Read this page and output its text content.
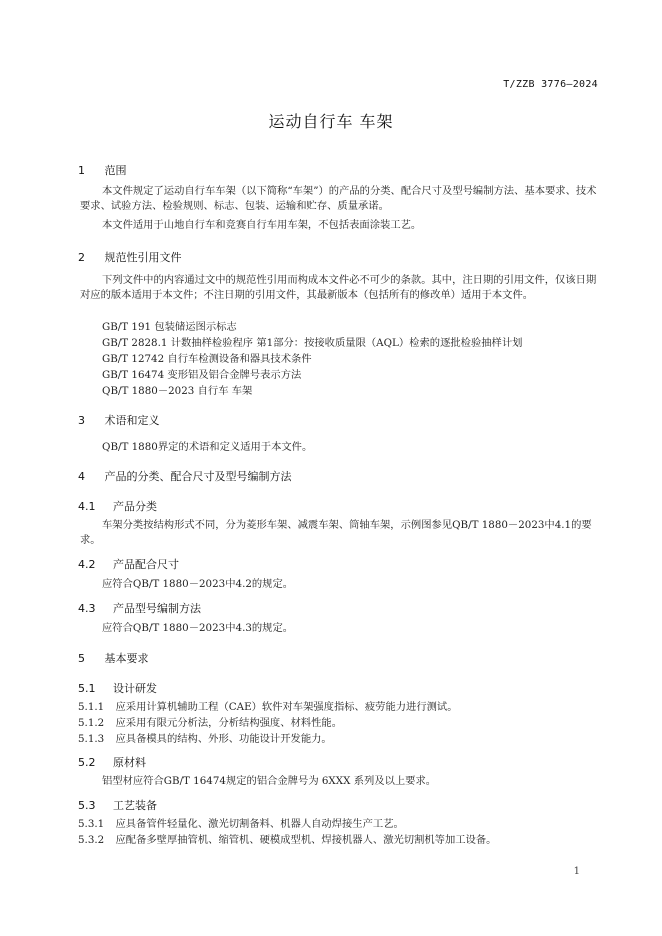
T/ZZB 3776—2024
运动自行车 车架
1 范围
本文件规定了运动自行车车架（以下简称“车架”）的产品的分类、配合尺寸及型号编制方法、基本要求、技术要求、试验方法、检验规则、标志、包装、运输和贮存、质量承诺。
本文件适用于山地自行车和竞赛自行车用车架，不包括表面涂装工艺。
2 规范性引用文件
下列文件中的内容通过文中的规范性引用而构成本文件必不可少的条款。其中，注日期的引用文件，仅该日期对应的版本适用于本文件；不注日期的引用文件，其最新版本（包括所有的修改单）适用于本文件。
GB/T 191 包装储运图示标志
GB/T 2828.1 计数抽样检验程序 第1部分：按接收质量限（AQL）检索的逐批检验抽样计划
GB/T 12742 自行车检测设备和器具技术条件
GB/T 16474 变形铝及铝合金牌号表示方法
QB/T 1880－2023 自行车 车架
3 术语和定义
QB/T 1880界定的术语和定义适用于本文件。
4 产品的分类、配合尺寸及型号编制方法
4.1 产品分类
车架分类按结构形式不同，分为菱形车架、减震车架、筒轴车架，示例图参见QB/T 1880－2023中4.1的要求。
4.2 产品配合尺寸
应符合QB/T 1880－2023中4.2的规定。
4.3 产品型号编制方法
应符合QB/T 1880－2023中4.3的规定。
5 基本要求
5.1 设计研发
5.1.1 应采用计算机辅助工程（CAE）软件对车架强度指标、疲劳能力进行测试。
5.1.2 应采用有限元分析法，分析结构强度、材料性能。
5.1.3 应具备模具的结构、外形、功能设计开发能力。
5.2 原材料
铝型材应符合GB/T 16474规定的铝合金牌号为 6XXX 系列及以上要求。
5.3 工艺装备
5.3.1 应具备管件轻量化、激光切割备料、机器人自动焊接生产工艺。
5.3.2 应配备多壁厚抽管机、缩管机、硬模成型机、焊接机器人、激光切割机等加工设备。
1
